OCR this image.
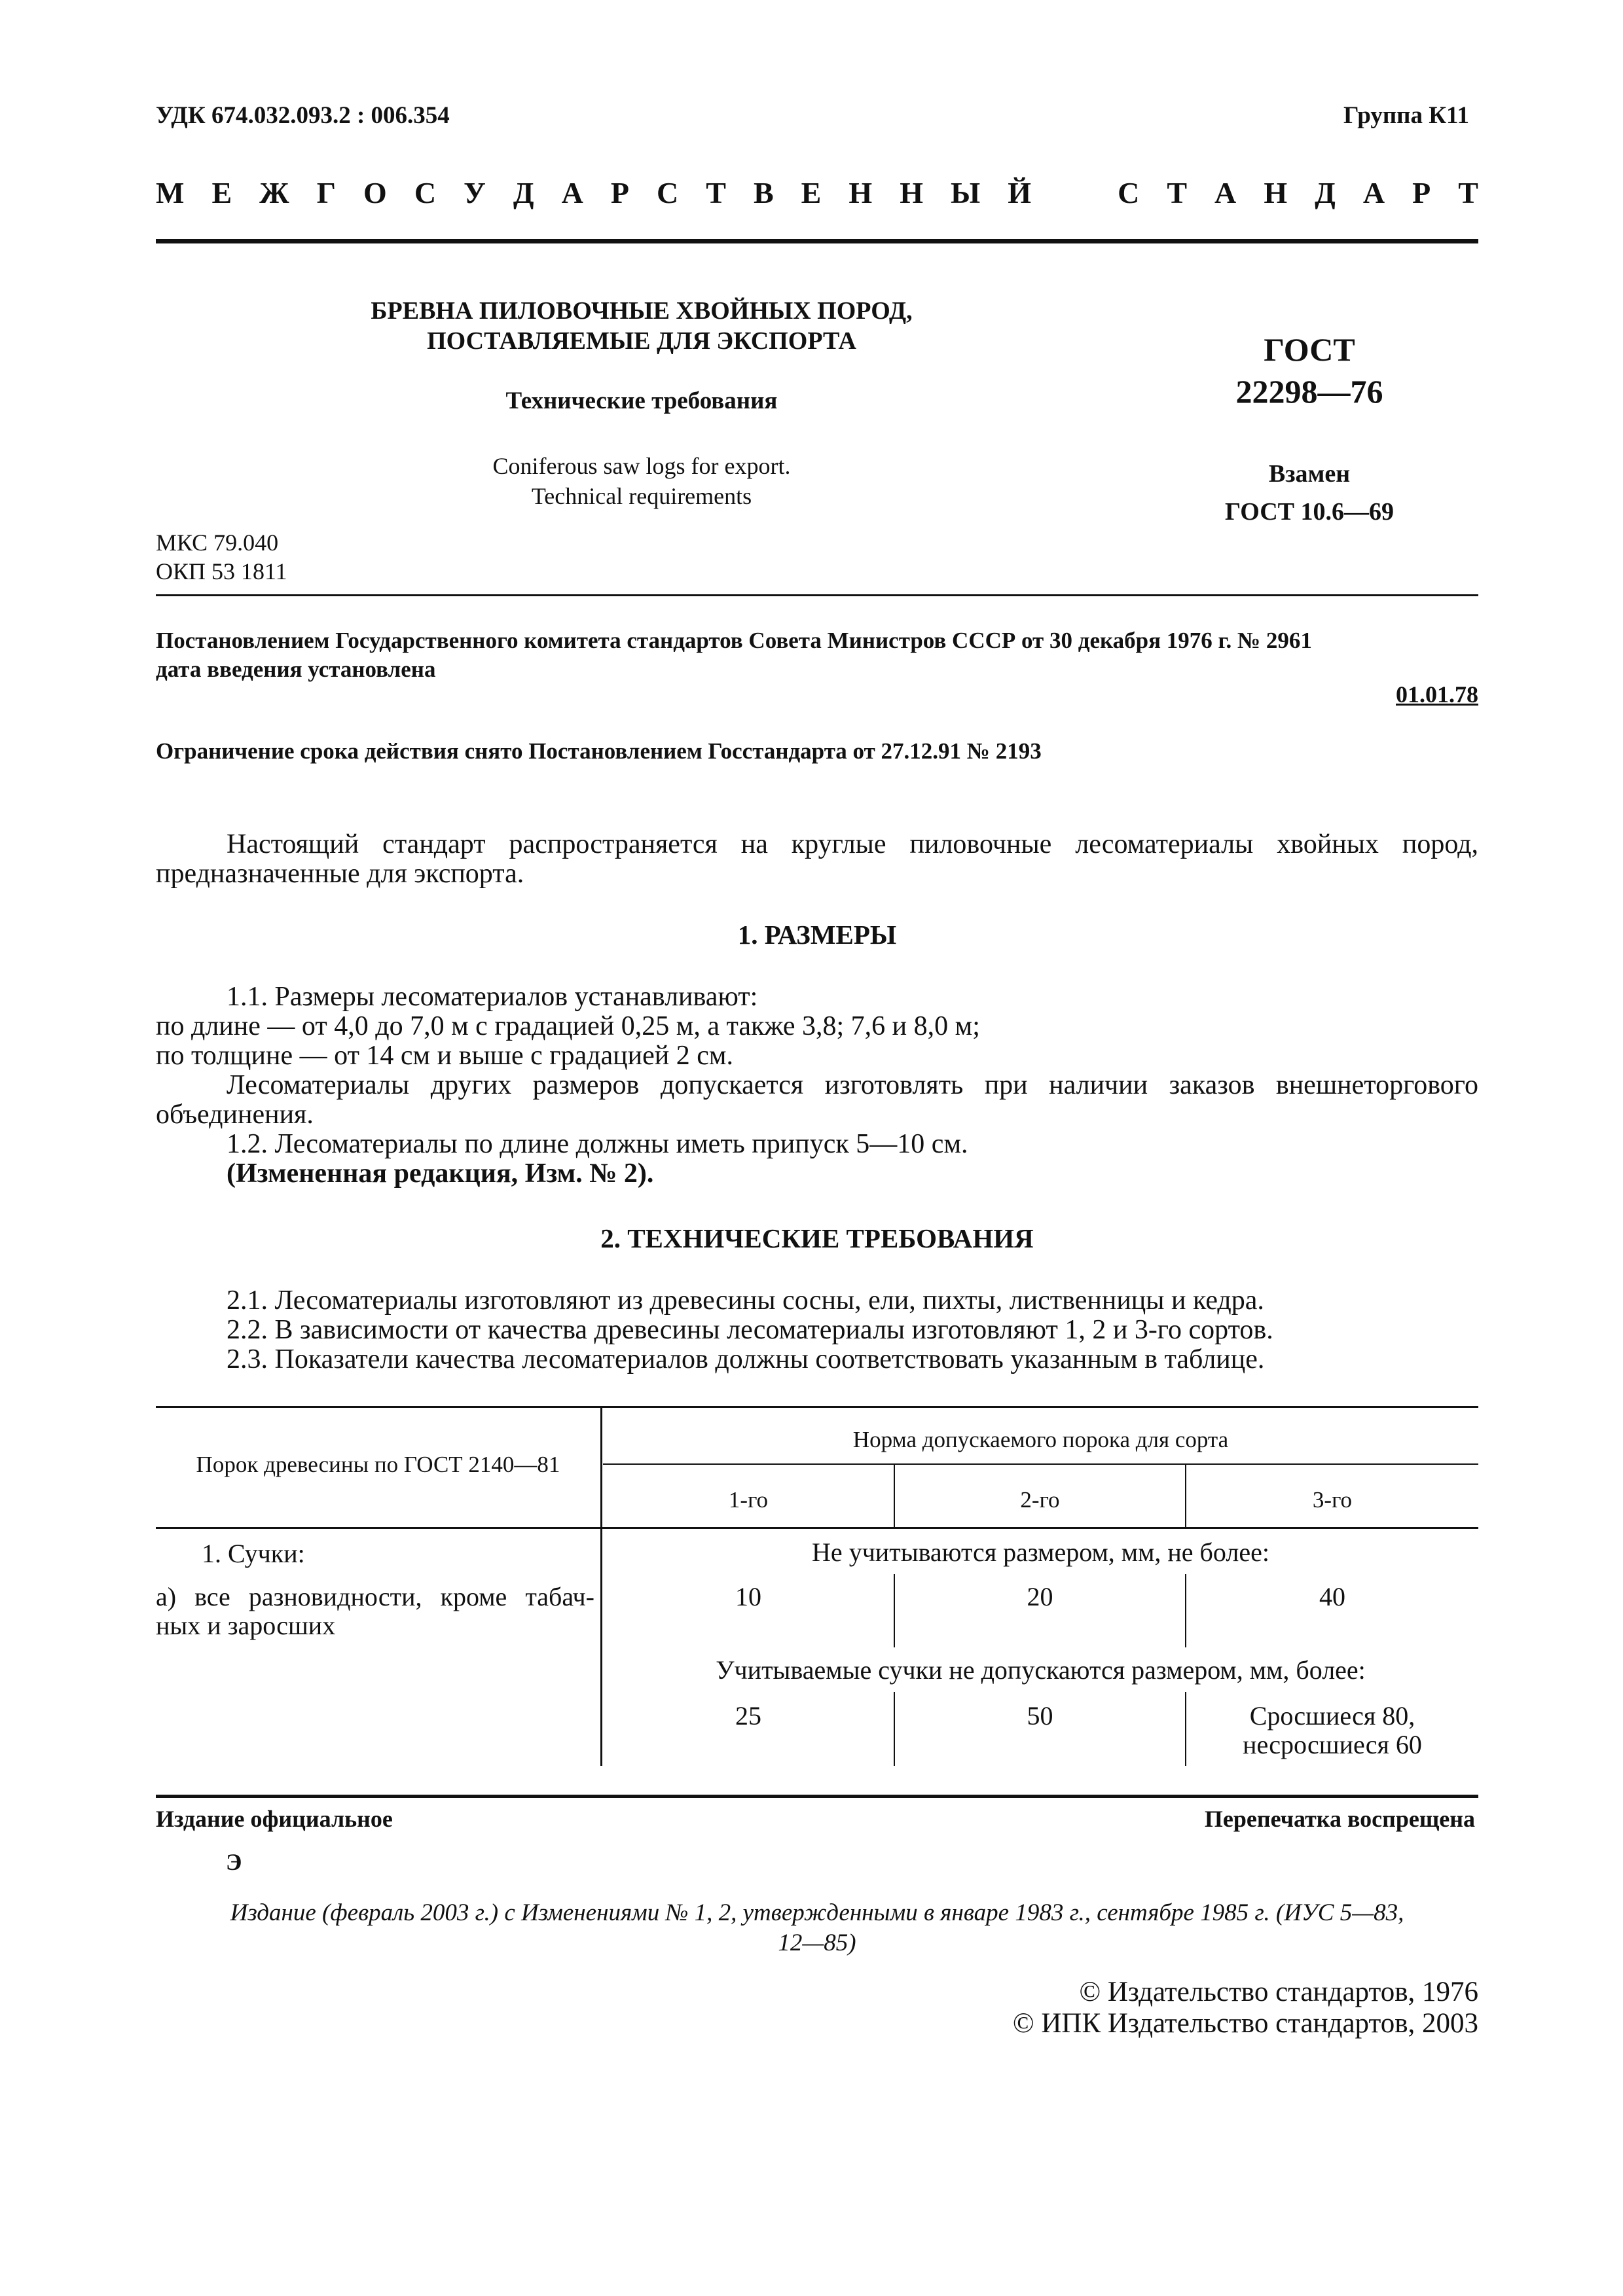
УДК 674.032.093.2 : 006.354	Группа К11
М Е Ж Г О С У Д А Р С Т В Е Н Н Ы Й	С Т А Н Д А Р Т
БРЕВНА ПИЛОВОЧНЫЕ ХВОЙНЫХ ПОРОД,
ПОСТАВЛЯЕМЫЕ ДЛЯ ЭКСПОРТА
Технические требования
Coniferous saw logs for export.
Technical requirements
ГОСТ
22298—76
Взамен
ГОСТ 10.6—69
МКС 79.040
ОКП 53 1811
Постановлением Государственного комитета стандартов Совета Министров СССР от 30 декабря 1976 г. № 2961
дата введения установлена
01.01.78
Ограничение срока действия снято Постановлением Госстандарта от 27.12.91 № 2193
Настоящий стандарт распространяется на круглые пиловочные лесоматериалы хвойных пород, предназначенные для экспорта.
1. РАЗМЕРЫ
1.1. Размеры лесоматериалов устанавливают:
по длине — от 4,0 до 7,0 м с градацией 0,25 м, а также 3,8; 7,6 и 8,0 м;
по толщине — от 14 см и выше с градацией 2 см.
Лесоматериалы других размеров допускается изготовлять при наличии заказов внешнеторгового объединения.
1.2. Лесоматериалы по длине должны иметь припуск 5—10 см.
(Измененная редакция, Изм. № 2).
2. ТЕХНИЧЕСКИЕ ТРЕБОВАНИЯ
2.1. Лесоматериалы изготовляют из древесины сосны, ели, пихты, лиственницы и кедра.
2.2. В зависимости от качества древесины лесоматериалы изготовляют 1, 2 и 3-го сортов.
2.3. Показатели качества лесоматериалов должны соответствовать указанным в таблице.
Порок древесины по ГОСТ 2140—81
Норма допускаемого порока для сорта
1-го	2-го	3-го
1. Сучки:
а) все разновидности, кроме табач-
ных и заросших
Не учитываются размером, мм, не более:
10	20	40
Учитываемые сучки не допускаются размером, мм, более:
25	50	Сросшиеся 80,
несросшиеся 60
Издание официальное	Перепечатка воспрещена
Э
Издание (февраль 2003 г.) с Изменениями № 1, 2, утвержденными в январе 1983 г., сентябре 1985 г. (ИУС 5—83,
12—85)
© Издательство стандартов, 1976
© ИПК Издательство стандартов, 2003
